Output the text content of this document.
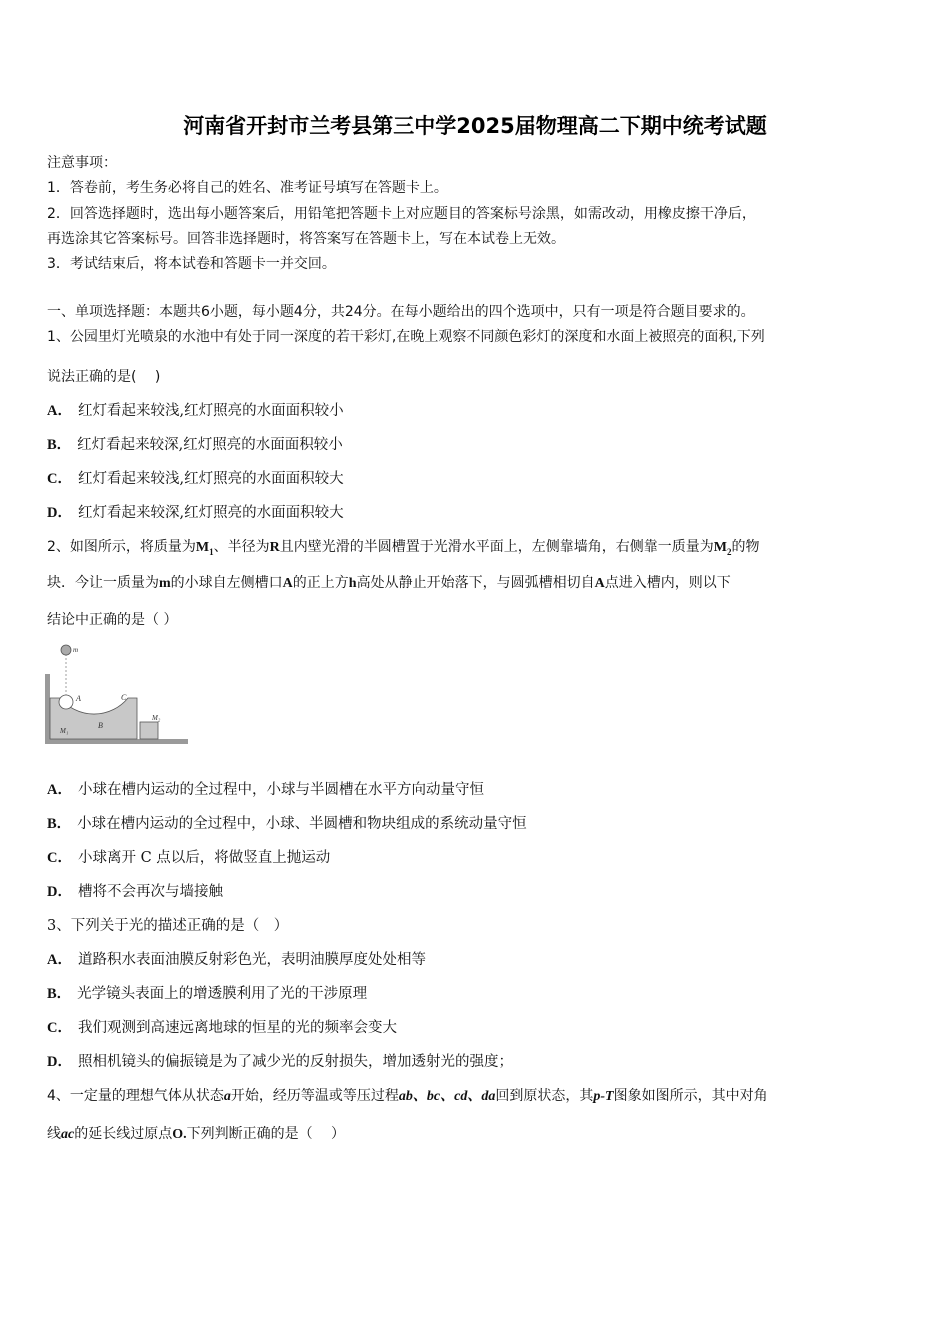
河南省开封市兰考县第三中学2025届物理高二下期中统考试题
注意事项：
1．答卷前，考生务必将自己的姓名、准考证号填写在答题卡上。
2．回答选择题时，选出每小题答案后，用铅笔把答题卡上对应题目的答案标号涂黑，如需改动，用橡皮擦干净后，
再选涂其它答案标号。回答非选择题时，将答案写在答题卡上，写在本试卷上无效。
3．考试结束后，将本试卷和答题卡一并交回。
一、单项选择题：本题共6小题，每小题4分，共24分。在每小题给出的四个选项中，只有一项是符合题目要求的。
1、公园里灯光喷泉的水池中有处于同一深度的若干彩灯,在晚上观察不同颜色彩灯的深度和水面上被照亮的面积,下列
说法正确的是(　 )
A． 红灯看起来较浅,红灯照亮的水面面积较小
B． 红灯看起来较深,红灯照亮的水面面积较小
C． 红灯看起来较浅,红灯照亮的水面面积较大
D． 红灯看起来较深,红灯照亮的水面面积较大
2、如图所示，将质量为$M_1$、半径为R且内壁光滑的半圆槽置于光滑水平面上，左侧靠墙角，右侧靠一质量为$M_2$的物
块．今让一质量为m的小球自左侧槽口A的正上方h高处从静止开始落下，与圆弧槽相切自A点进入槽内，则以下
结论中正确的是（ ）
m
A	C
B
M₁
M₂
A． 小球在槽内运动的全过程中，小球与半圆槽在水平方向动量守恒
B． 小球在槽内运动的全过程中，小球、半圆槽和物块组成的系统动量守恒
C． 小球离开 C 点以后，将做竖直上抛运动
D． 槽将不会再次与墙接触
3、下列关于光的描述正确的是（　）
A． 道路积水表面油膜反射彩色光，表明油膜厚度处处相等
B． 光学镜头表面上的增透膜利用了光的干涉原理
C． 我们观测到高速远离地球的恒星的光的频率会变大
D． 照相机镜头的偏振镜是为了减少光的反射损失，增加透射光的强度；
4、一定量的理想气体从状态a开始，经历等温或等压过程ab、bc、cd、da回到原状态，其p-T图象如图所示，其中对角
线ac的延长线过原点O.下列判断正确的是（　 ）
